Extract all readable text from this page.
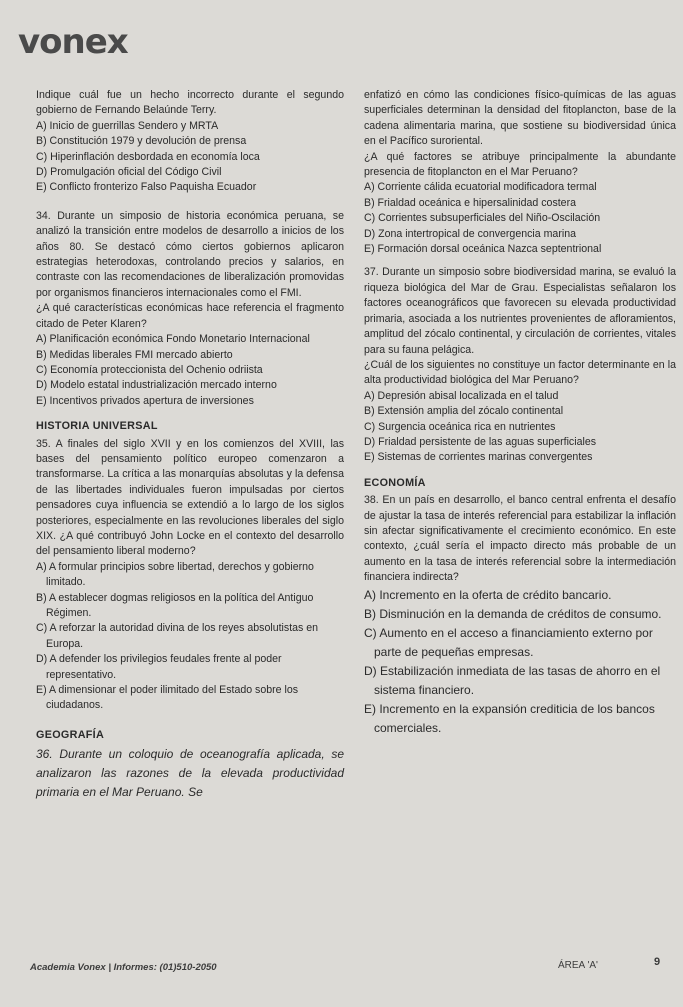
vonex

Indique cuál fue un hecho incorrecto durante el segundo gobierno de Fernando Belaúnde Terry.

A) Inicio de guerrillas Sendero y MRTA

B) Constitución 1979 y devolución de prensa

C) Hiperinflación desbordada en economía loca

D) Promulgación oficial del Código Civil

E) Conflicto fronterizo Falso Paquisha Ecuador

34. Durante un simposio de historia económica peruana, se analizó la transición entre modelos de desarrollo a inicios de los años 80. Se destacó cómo ciertos gobiernos aplicaron estrategias heterodoxas, controlando precios y salarios, en contraste con las recomendaciones de liberalización promovidas por organismos financieros internacionales como el FMI.

¿A qué características económicas hace referencia el fragmento citado de Peter Klaren?

A) Planificación económica Fondo Monetario Internacional

B) Medidas liberales FMI mercado abierto

C) Economía proteccionista del Ochenio odriista

D) Modelo estatal industrialización mercado interno

E) Incentivos privados apertura de inversiones

HISTORIA UNIVERSAL

35. A finales del siglo XVII y en los comienzos del XVIII, las bases del pensamiento político europeo comenzaron a transformarse. La crítica a las monarquías absolutas y la defensa de las libertades individuales fueron impulsadas por ciertos pensadores cuya influencia se extendió a lo largo de los siglos posteriores, especialmente en las revoluciones liberales del siglo XIX. ¿A qué contribuyó John Locke en el contexto del desarrollo del pensamiento liberal moderno?

A) A formular principios sobre libertad, derechos y gobierno limitado.

B) A establecer dogmas religiosos en la política del Antiguo Régimen.

C) A reforzar la autoridad divina de los reyes absolutistas en Europa.

D) A defender los privilegios feudales frente al poder representativo.

E) A dimensionar el poder ilimitado del Estado sobre los ciudadanos.

GEOGRAFÍA

36. Durante un coloquio de oceanografía aplicada, se analizaron las razones de la elevada productividad primaria en el Mar Peruano. Se

enfatizó en cómo las condiciones físico-químicas de las aguas superficiales determinan la densidad del fitoplancton, base de la cadena alimentaria marina, que sostiene su biodiversidad única en el Pacífico suroriental.

¿A qué factores se atribuye principalmente la abundante presencia de fitoplancton en el Mar Peruano?

A) Corriente cálida ecuatorial modificadora termal

B) Frialdad oceánica e hipersalinidad costera

C) Corrientes subsuperficiales del Niño-Oscilación

D) Zona intertropical de convergencia marina

E) Formación dorsal oceánica Nazca septentrional

37. Durante un simposio sobre biodiversidad marina, se evaluó la riqueza biológica del Mar de Grau. Especialistas señalaron los factores oceanográficos que favorecen su elevada productividad primaria, asociada a los nutrientes provenientes de afloramientos, amplitud del zócalo continental, y circulación de corrientes, vitales para su fauna pelágica.

¿Cuál de los siguientes no constituye un factor determinante en la alta productividad biológica del Mar Peruano?

A) Depresión abisal localizada en el talud

B) Extensión amplia del zócalo continental

C) Surgencia oceánica rica en nutrientes

D) Frialdad persistente de las aguas superficiales

E) Sistemas de corrientes marinas convergentes

ECONOMÍA

38. En un país en desarrollo, el banco central enfrenta el desafío de ajustar la tasa de interés referencial para estabilizar la inflación sin afectar significativamente el crecimiento económico. En este contexto, ¿cuál sería el impacto directo más probable de un aumento en la tasa de interés referencial sobre la intermediación financiera indirecta?

A) Incremento en la oferta de crédito bancario.

B) Disminución en la demanda de créditos de consumo.

C) Aumento en el acceso a financiamiento externo por parte de pequeñas empresas.

D) Estabilización inmediata de las tasas de ahorro en el sistema financiero.

E) Incremento en la expansión crediticia de los bancos comerciales.

Academia Vonex | Informes: (01)510-2050	ÁREA 'A'	9
